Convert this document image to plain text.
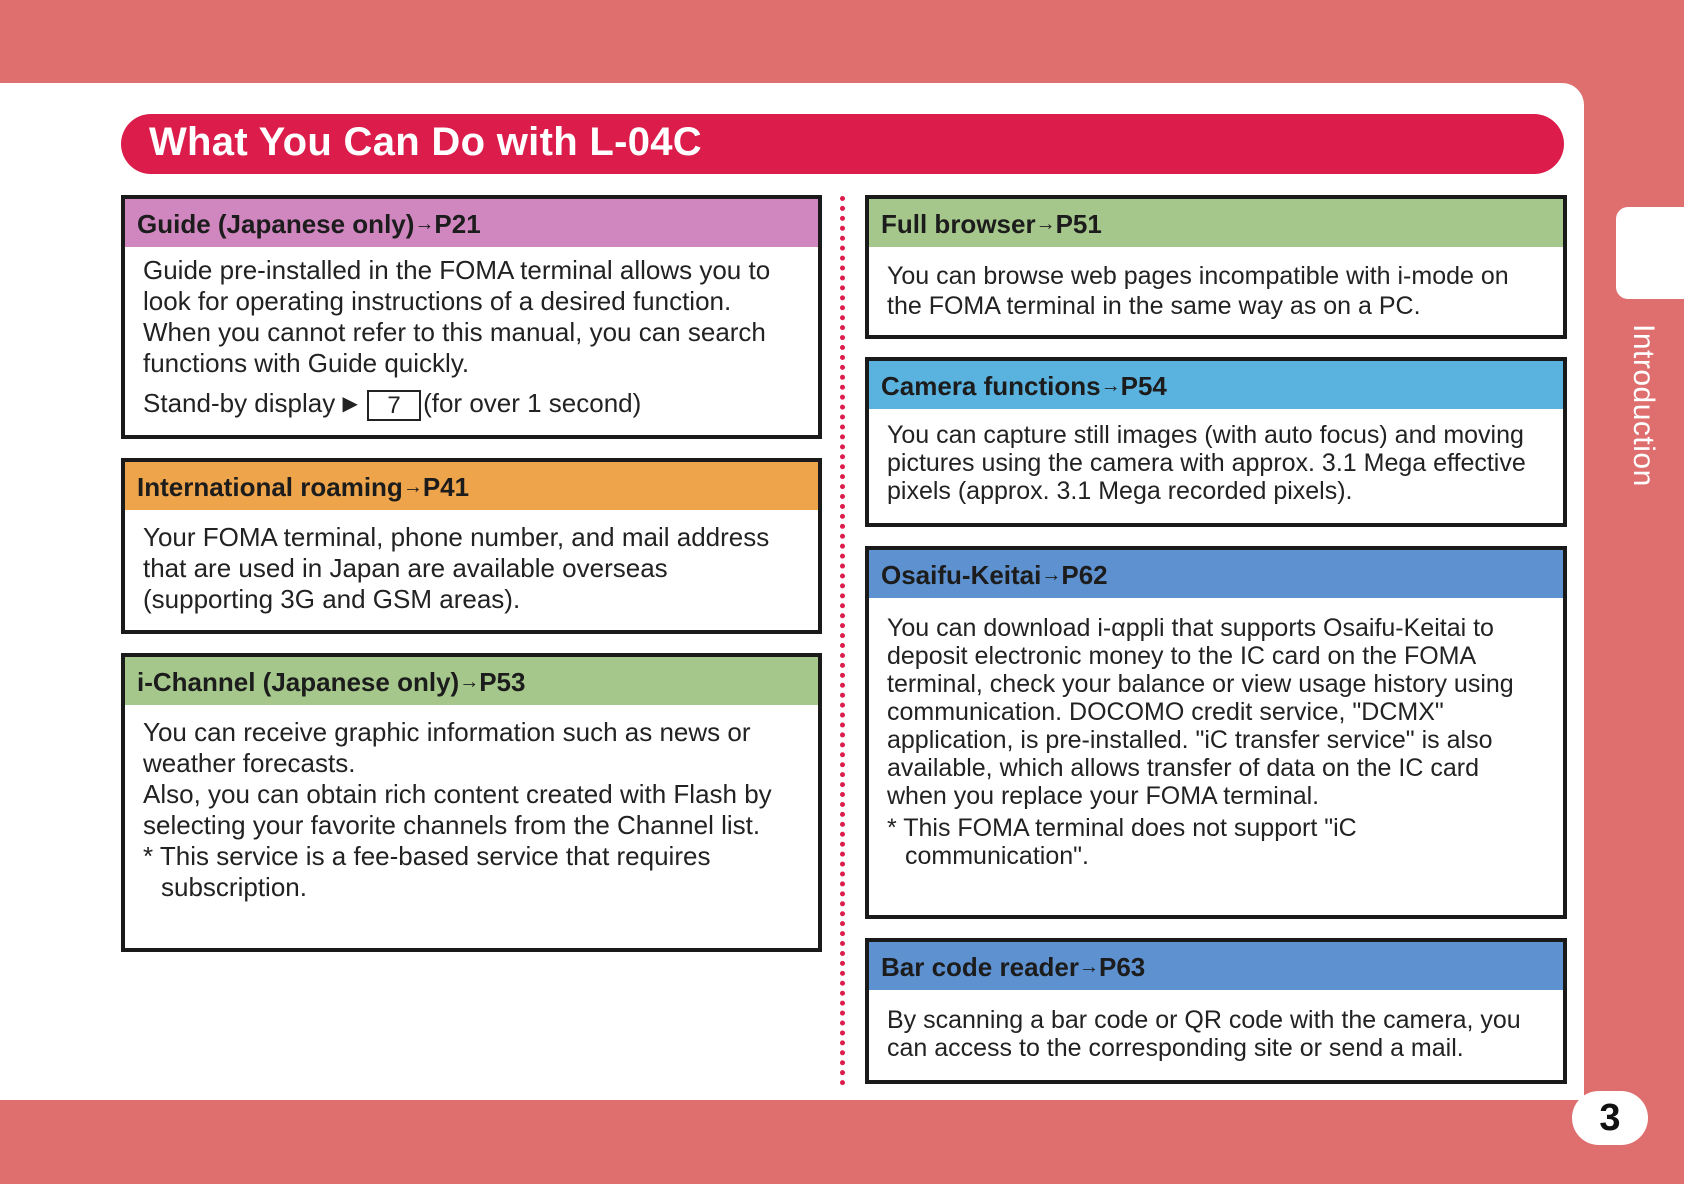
What You Can Do with L-04C
Guide (Japanese only)→P21

Guide pre-installed in the FOMA terminal allows you to look for operating instructions of a desired function. When you cannot refer to this manual, you can search functions with Guide quickly.

Stand-by display ▶ 7 (for over 1 second)

International roaming→P41

Your FOMA terminal, phone number, and mail address that are used in Japan are available overseas (supporting 3G and GSM areas).

i-Channel (Japanese only)→P53

You can receive graphic information such as news or weather forecasts.

Also, you can obtain rich content created with Flash by selecting your favorite channels from the Channel list.

* This service is a fee-based service that requires subscription.

Full browser→P51

You can browse web pages incompatible with i-mode on the FOMA terminal in the same way as on a PC.

Camera functions→P54

You can capture still images (with auto focus) and moving pictures using the camera with approx. 3.1 Mega effective pixels (approx. 3.1 Mega recorded pixels).

Osaifu-Keitai→P62

You can download i-αppli that supports Osaifu-Keitai to deposit electronic money to the IC card on the FOMA terminal, check your balance or view usage history using communication. DOCOMO credit service, "DCMX" application, is pre-installed. "iC transfer service" is also available, which allows transfer of data on the IC card when you replace your FOMA terminal.

* This FOMA terminal does not support "iC communication".

Bar code reader→P63

By scanning a bar code or QR code with the camera, you can access to the corresponding site or send a mail.

Introduction
3
